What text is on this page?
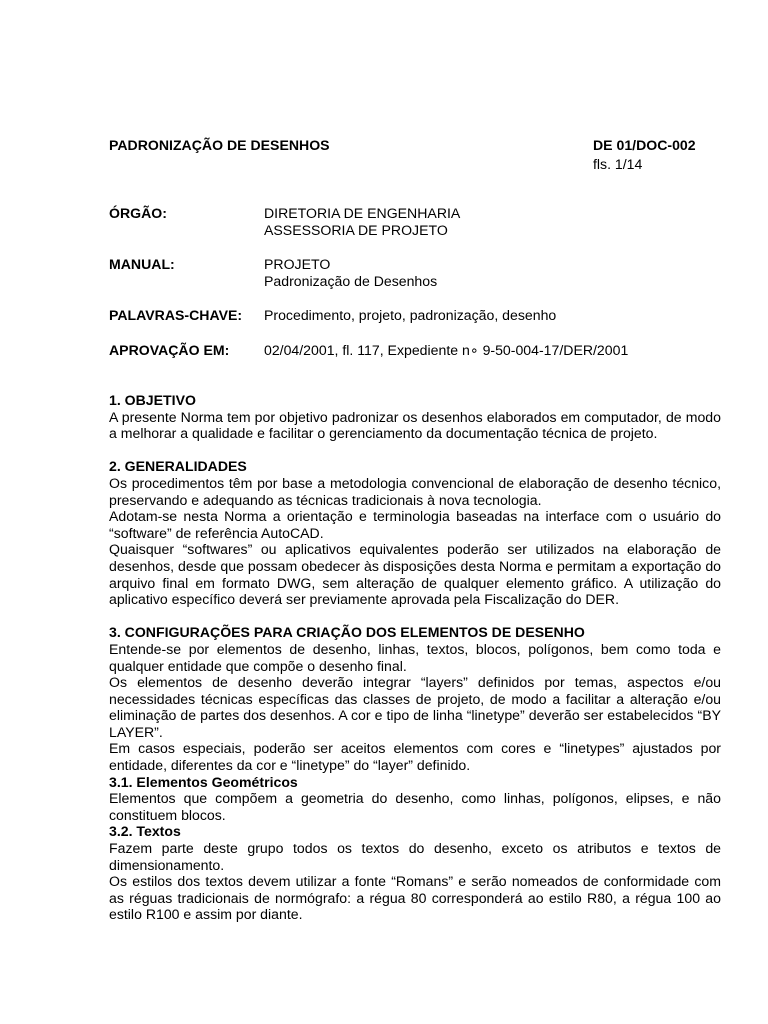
PADRONIZAÇÃO DE DESENHOS	DE 01/DOC-002
fls. 1/14
ÓRGÃO:	DIRETORIA DE ENGENHARIA
ASSESSORIA DE PROJETO
MANUAL:	PROJETO
Padronização de Desenhos
PALAVRAS-CHAVE: Procedimento, projeto, padronização, desenho
APROVAÇÃO EM: 02/04/2001, fl. 117, Expediente n∘ 9-50-004-17/DER/2001
1. OBJETIVO

A presente Norma tem por objetivo padronizar os desenhos elaborados em computador, de modo a melhorar a qualidade e facilitar o gerenciamento da documentação técnica de projeto.

2. GENERALIDADES

Os procedimentos têm por base a metodologia convencional de elaboração de desenho técnico, preservando e adequando as técnicas tradicionais à nova tecnologia.

Adotam-se nesta Norma a orientação e terminologia baseadas na interface com o usuário do “software” de referência AutoCAD.

Quaisquer “softwares” ou aplicativos equivalentes poderão ser utilizados na elaboração de desenhos, desde que possam obedecer às disposições desta Norma e permitam a exportação do arquivo final em formato DWG, sem alteração de qualquer elemento gráfico. A utilização do aplicativo específico deverá ser previamente aprovada pela Fiscalização do DER.

3. CONFIGURAÇÕES PARA CRIAÇÃO DOS ELEMENTOS DE DESENHO

Entende-se por elementos de desenho, linhas, textos, blocos, polígonos, bem como toda e qualquer entidade que compõe o desenho final.

Os elementos de desenho deverão integrar “layers” definidos por temas, aspectos e/ou necessidades técnicas específicas das classes de projeto, de modo a facilitar a alteração e/ou eliminação de partes dos desenhos. A cor e tipo de linha “linetype” deverão ser estabelecidos “BY LAYER”.

Em casos especiais, poderão ser aceitos elementos com cores e “linetypes” ajustados por entidade, diferentes da cor e “linetype” do “layer” definido.

3.1. Elementos Geométricos

Elementos que compõem a geometria do desenho, como linhas, polígonos, elipses, e não constituem blocos.

3.2. Textos

Fazem parte deste grupo todos os textos do desenho, exceto os atributos e textos de dimensionamento.

Os estilos dos textos devem utilizar a fonte “Romans” e serão nomeados de conformidade com as réguas tradicionais de normógrafo: a régua 80 corresponderá ao estilo R80, a régua 100 ao estilo R100 e assim por diante.
